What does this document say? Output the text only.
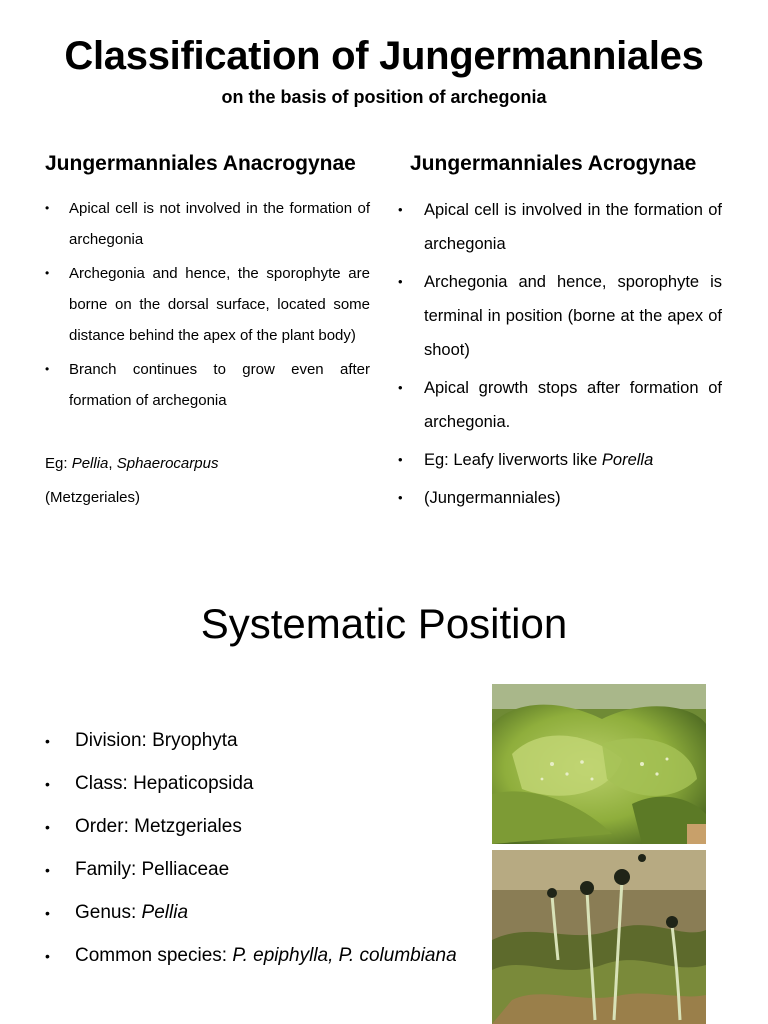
Classification of Jungermanniales
on the basis of position of archegonia
Jungermanniales Anacrogynae	Jungermanniales Acrogynae
• Apical cell is not involved in the formation of archegonia
• Archegonia and hence, the sporophyte are borne on the dorsal surface, located some distance behind the apex of the plant body)
• Branch continues to grow even after formation of archegonia
Eg: Pellia, Sphaerocarpus
(Metzgeriales)
• Apical cell is involved in the formation of archegonia
• Archegonia and hence, sporophyte is terminal in position (borne at the apex of shoot)
• Apical growth stops after formation of archegonia.
• Eg: Leafy liverworts like Porella
• (Jungermanniales)
Systematic Position
• Division: Bryophyta
• Class: Hepaticopsida
• Order: Metzgeriales
• Family: Pelliaceae
• Genus: Pellia
• Common species: P. epiphylla, P. columbiana
